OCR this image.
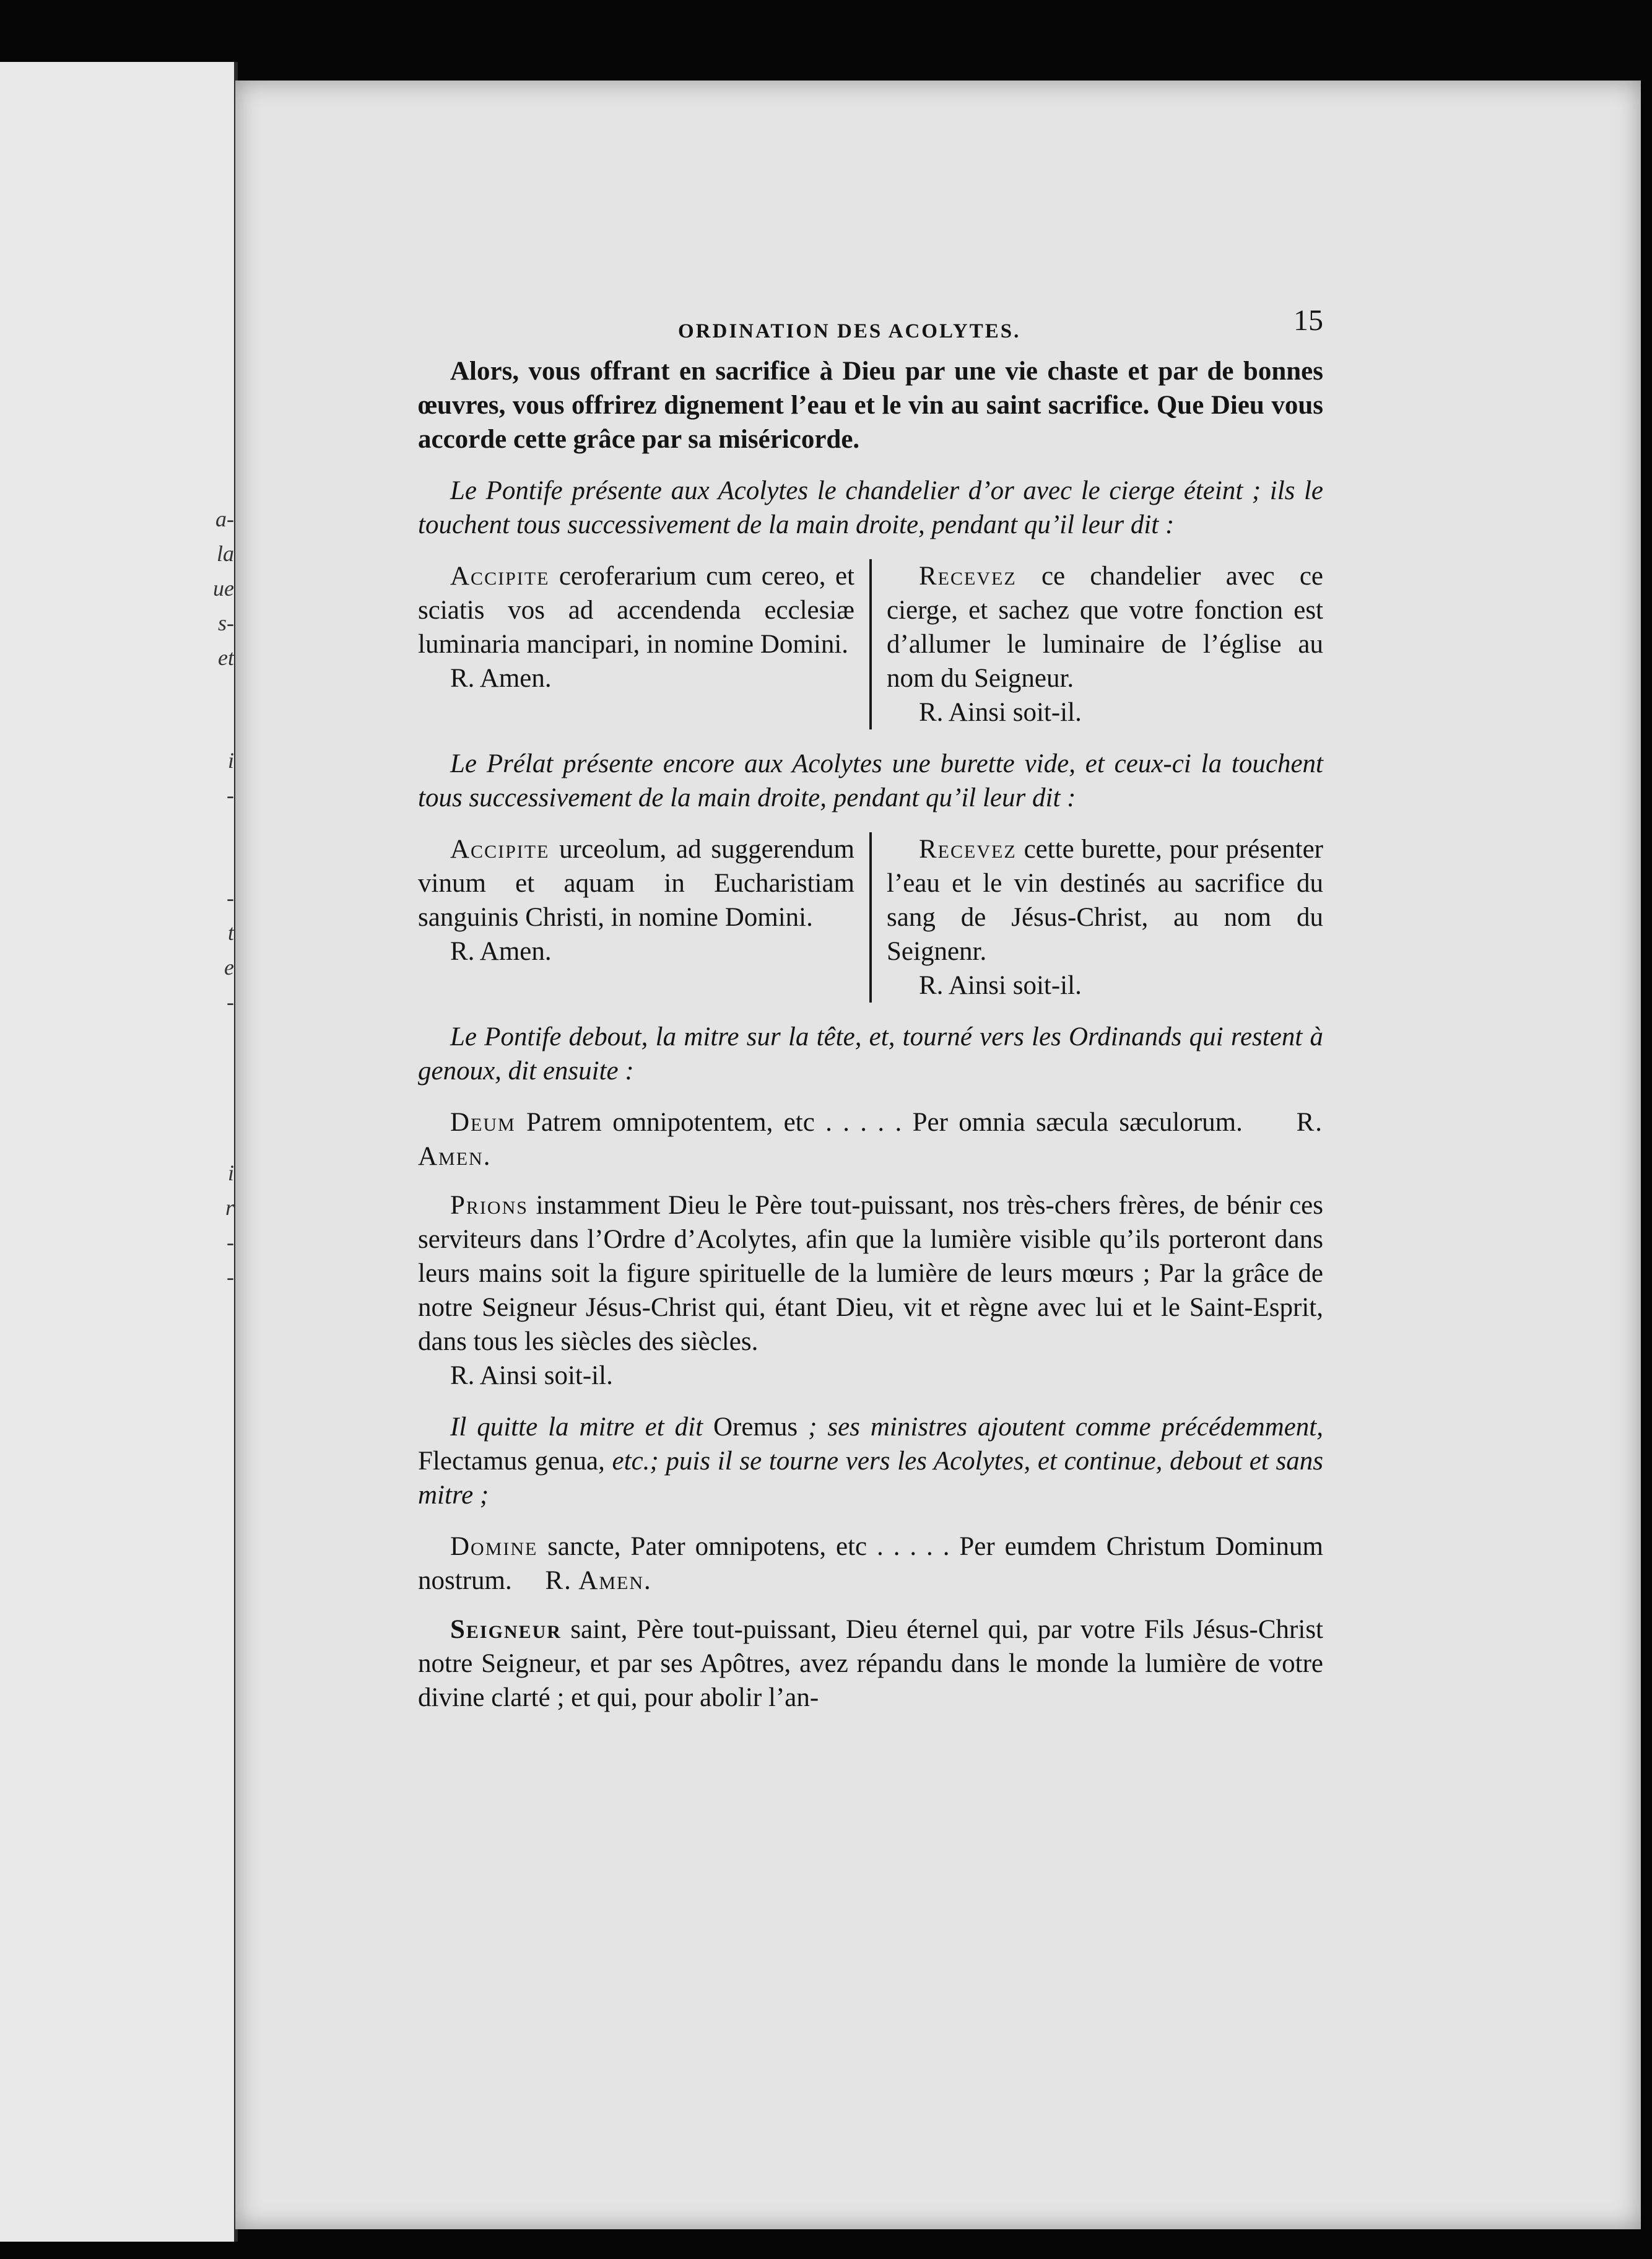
a-
la
ue
s-
et
i
-
-
t
e
-
i
r
-
-
ORDINATION DES ACOLYTES.	15

Alors, vous offrant en sacrifice à Dieu par une vie chaste et par de bonnes œuvres, vous offrirez dignement l’eau et le vin au saint sacrifice. Que Dieu vous accorde cette grâce par sa miséricorde.

Le Pontife présente aux Acolytes le chandelier d’or avec le cierge éteint ; ils le touchent tous successivement de la main droite, pendant qu’il leur dit :

Accipite ceroferarium cum cereo, et sciatis vos ad accendenda ecclesiæ luminaria mancipari, in nomine Domini.

R. Amen.

Recevez ce chandelier avec ce cierge, et sachez que votre fonction est d’allumer le luminaire de l’église au nom du Seigneur.

R. Ainsi soit-il.

Le Prélat présente encore aux Acolytes une burette vide, et ceux-ci la touchent tous successivement de la main droite, pendant qu’il leur dit :

Accipite urceolum, ad suggerendum vinum et aquam in Eucharistiam sanguinis Christi, in nomine Domini.

R. Amen.

Recevez cette burette, pour présenter l’eau et le vin destinés au sacrifice du sang de Jésus-Christ, au nom du Seignenr.

R. Ainsi soit-il.

Le Pontife debout, la mitre sur la tête, et, tourné vers les Ordinands qui restent à genoux, dit ensuite :

Deum Patrem omnipotentem, etc . . . . . Per omnia sæcula sæculorum. R. Amen.

Prions instamment Dieu le Père tout-puissant, nos très-chers frères, de bénir ces serviteurs dans l’Ordre d’Acolytes, afin que la lumière visible qu’ils porteront dans leurs mains soit la figure spirituelle de la lumière de leurs mœurs ; Par la grâce de notre Seigneur Jésus-Christ qui, étant Dieu, vit et règne avec lui et le Saint-Esprit, dans tous les siècles des siècles.

R. Ainsi soit-il.

Il quitte la mitre et dit Oremus ; ses ministres ajoutent comme précédemment, Flectamus genua, etc.; puis il se tourne vers les Acolytes, et continue, debout et sans mitre ;

Domine sancte, Pater omnipotens, etc . . . . . Per eumdem Christum Dominum nostrum. R. Amen.

Seigneur saint, Père tout-puissant, Dieu éternel qui, par votre Fils Jésus-Christ notre Seigneur, et par ses Apôtres, avez répandu dans le monde la lumière de votre divine clarté ; et qui, pour abolir l’an-
